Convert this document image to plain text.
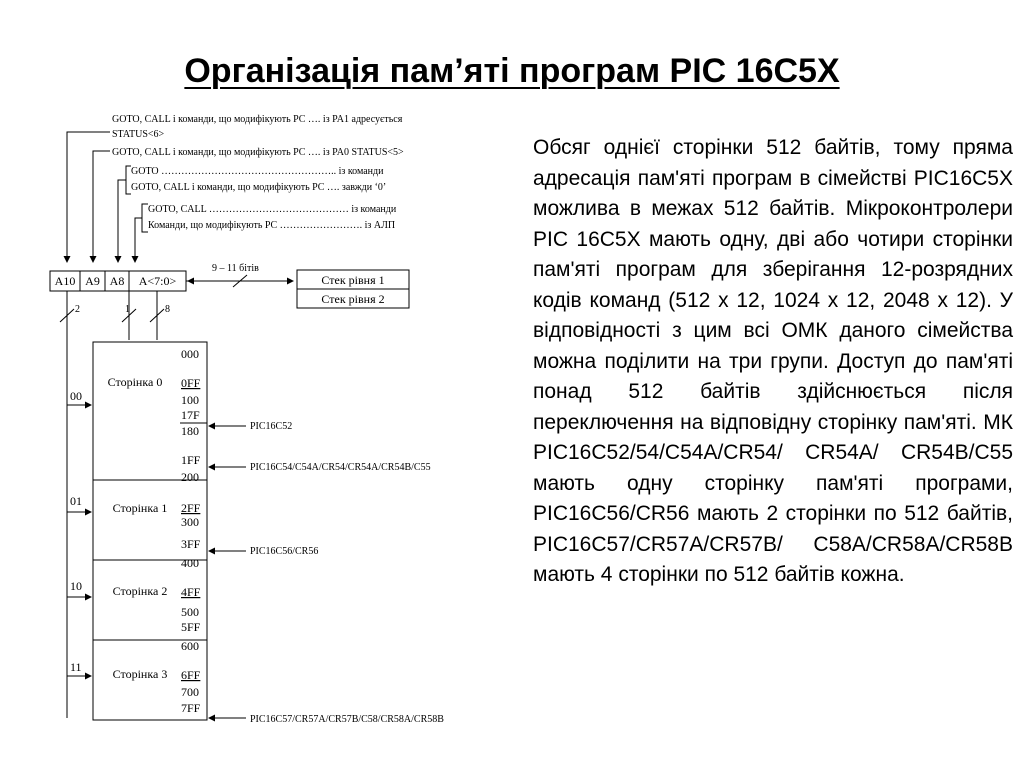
Організація пам’яті програм PIC 16C5X
GOTO, CALL і команди, що модифікують PC …. із PA1 адресується
STATUS<6>
GOTO, CALL і команди, що модифікують PC …. із PA0 STATUS<5>
GOTO …………………………………………….. із команди
GOTO, CALL і команди, що модифікують PC …. завжди ‘0’
GOTO, CALL …………………………………… із команди
Команди, що модифікують PC ……………………. із АЛП
A10 A9 A8 A<7:0>
9 – 11 бітів
Стек рівня 1
Стек рівня 2
2	1	8
00
01
10
11
Сторінка 0
Сторінка 1
Сторінка 2
Сторінка 3
000
0FF
100
17F
180
1FF
200
2FF
300
3FF
400
4FF
500
5FF
600
6FF
700
7FF
PIC16C52
PIC16C54/C54A/CR54/CR54A/CR54B/C55
PIC16C56/CR56
PIC16C57/CR57A/CR57B/C58/CR58A/CR58B
Обсяг однієї сторінки 512 байтів, тому пряма адресація пам'яті програм в сімействі PIC16C5X можлива в межах 512 байтів. Мікроконтролери PIC 16C5X мають одну, дві або чотири сторінки пам'яті програм для зберігання 12-розрядних кодів команд (512 x 12, 1024 x 12, 2048 x 12). У відповідності з цим всі ОМК даного сімейства можна поділити на три групи. Доступ до пам'яті понад 512 байтів здійснюється після переключення на відповідну сторінку пам'яті. МК PIC16C52/54/C54A/CR54/ CR54A/ CR54B/C55 мають одну сторінку пам'яті програми, PIC16C56/CR56 мають 2 сторінки по 512 байтів, PIC16C57/CR57A/CR57B/ C58A/CR58A/CR58B мають 4 сторінки по 512 байтів кожна.
